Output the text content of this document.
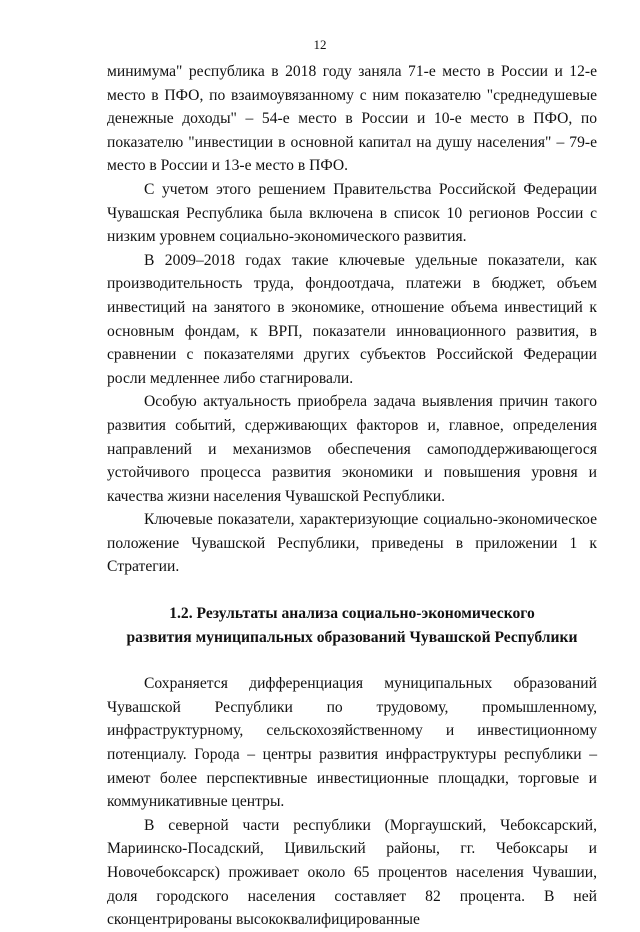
12

минимума" республика в 2018 году заняла 71-е место в России и 12-е место в ПФО, по взаимоувязанному с ним показателю "среднедушевые денежные доходы" – 54-е место в России и 10-е место в ПФО, по показателю "инвестиции в основной капитал на душу населения" – 79-е место в России и 13-е место в ПФО.

С учетом этого решением Правительства Российской Федерации Чувашская Республика была включена в список 10 регионов России с низким уровнем социально-экономического развития.

В 2009–2018 годах такие ключевые удельные показатели, как производительность труда, фондоотдача, платежи в бюджет, объем инвестиций на занятого в экономике, отношение объема инвестиций к основным фондам, к ВРП, показатели инновационного развития, в сравнении с показателями других субъектов Российской Федерации росли медленнее либо стагнировали.

Особую актуальность приобрела задача выявления причин такого развития событий, сдерживающих факторов и, главное, определения направлений и механизмов обеспечения самоподдерживающегося устойчивого процесса развития экономики и повышения уровня и качества жизни населения Чувашской Республики.

Ключевые показатели, характеризующие социально-экономическое положение Чувашской Республики, приведены в приложении 1 к Стратегии.

1.2. Результаты анализа социально-экономического
развития муниципальных образований Чувашской Республики

Сохраняется дифференциация муниципальных образований Чувашской Республики по трудовому, промышленному, инфраструктурному, сельскохозяйственному и инвестиционному потенциалу. Города – центры развития инфраструктуры республики – имеют более перспективные инвестиционные площадки, торговые и коммуникативные центры.

В северной части республики (Моргаушский, Чебоксарский, Мариинско-Посадский, Цивильский районы, гг. Чебоксары и Новочебоксарск) проживает около 65 процентов населения Чувашии, доля городского населения составляет 82 процента. В ней сконцентрированы высококвалифицированные
